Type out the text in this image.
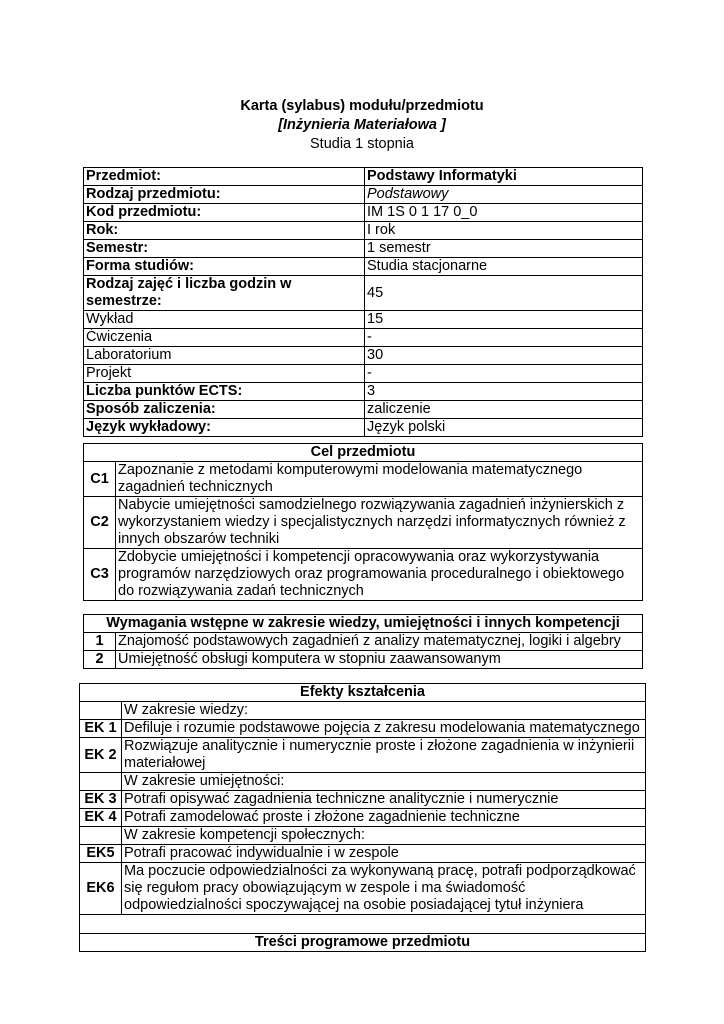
Karta (sylabus) modułu/przedmiotu
[Inżynieria Materiałowa ]
Studia 1 stopnia
Przedmiot:	Podstawy Informatyki
Rodzaj przedmiotu:	Podstawowy
Kod przedmiotu:	IM 1S 0 1 17 0_0
Rok:	I rok
Semestr:	1 semestr
Forma studiów:	Studia stacjonarne
Rodzaj zajęć i liczba godzin w semestrze:	45
Wykład	15
Ćwiczenia	-
Laboratorium	30
Projekt	-
Liczba punktów ECTS:	3
Sposób zaliczenia:	zaliczenie
Język wykładowy:	Język polski
Cel przedmiotu	
C1	Zapoznanie z metodami komputerowymi modelowania matematycznego zagadnień technicznych
C2	Nabycie umiejętności samodzielnego rozwiązywania zagadnień inżynierskich z wykorzystaniem wiedzy i specjalistycznych narzędzi informatycznych również z innych obszarów techniki
C3	Zdobycie umiejętności i kompetencji opracowywania oraz wykorzystywania programów narzędziowych oraz programowania proceduralnego i obiektowego do rozwiązywania zadań technicznych
Wymagania wstępne w zakresie wiedzy, umiejętności i innych kompetencji	
1	Znajomość podstawowych zagadnień z analizy matematycznej, logiki i algebry
2	Umiejętność obsługi komputera w stopniu zaawansowanym
Efekty kształcenia	
	W zakresie wiedzy:
EK 1	Defiluje i rozumie podstawowe pojęcia z zakresu modelowania matematycznego
EK 2	Rozwiązuje analitycznie i numerycznie proste i złożone zagadnienia w inżynierii materiałowej
	W zakresie umiejętności:
EK 3	Potrafi opisywać zagadnienia techniczne analitycznie i numerycznie
EK 4	Potrafi zamodelować proste i złożone zagadnienie techniczne
	W zakresie kompetencji społecznych:
EK5	Potrafi pracować indywidualnie i w zespole
EK6	Ma poczucie odpowiedzialności za wykonywaną pracę, potrafi podporządkować się regułom pracy obowiązującym w zespole i ma świadomość odpowiedzialności spoczywającej na osobie posiadającej tytuł inżyniera

Treści programowe przedmiotu	
